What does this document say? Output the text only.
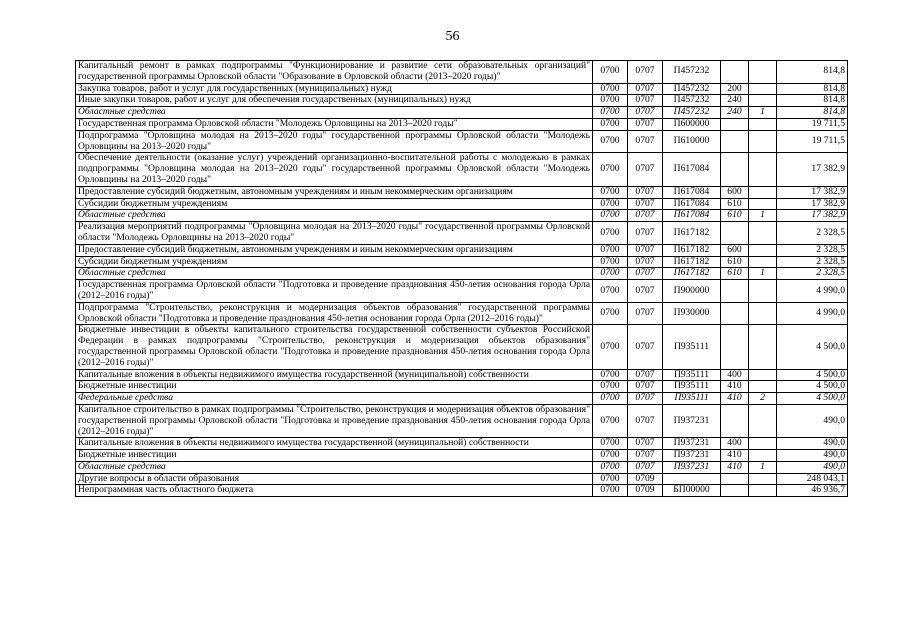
56
Капитальный ремонт в рамках подпрограммы "Функционирование и развитие сети образовательных организаций" государственной программы Орловской области "Образование в Орловской области (2013–2020 годы)"	0700	0707	П457232			814,8
Закупка товаров, работ и услуг для государственных (муниципальных) нужд	0700	0707	П457232	200		814,8
Иные закупки товаров, работ и услуг для обеспечения государственных (муниципальных) нужд	0700	0707	П457232	240		814,8
Областные средства	0700	0707	П457232	240	1	814,8
Государственная программа Орловской области "Молодежь Орловщины на 2013–2020 годы"	0700	0707	П600000			19 711,5
Подпрограмма "Орловщина молодая на 2013–2020 годы" государственной программы Орловской области "Молодежь Орловщины на 2013–2020 годы"	0700	0707	П610000			19 711,5
Обеспечение деятельности (оказание услуг) учреждений организационно-воспитательной работы с молодежью в рамках подпрограммы "Орловщина молодая на 2013–2020 годы" государственной программы Орловской области "Молодежь Орловщины на 2013–2020 годы"	0700	0707	П617084			17 382,9
Предоставление субсидий бюджетным, автономным учреждениям и иным некоммерческим организациям	0700	0707	П617084	600		17 382,9
Субсидии бюджетным учреждениям	0700	0707	П617084	610		17 382,9
Областные средства	0700	0707	П617084	610	1	17 382,9
Реализация мероприятий подпрограммы "Орловщина молодая на 2013–2020 годы" государственной программы Орловской области "Молодежь Орловщины на 2013–2020 годы"	0700	0707	П617182			2 328,5
Предоставление субсидий бюджетным, автономным учреждениям и иным некоммерческим организациям	0700	0707	П617182	600		2 328,5
Субсидии бюджетным учреждениям	0700	0707	П617182	610		2 328,5
Областные средства	0700	0707	П617182	610	1	2 328,5
Государственная программа Орловской области "Подготовка и проведение празднования 450-летия основания города Орла (2012–2016 годы)"	0700	0707	П900000			4 990,0
Подпрограмма "Строительство, реконструкция и модернизация объектов образования" государственной программы Орловской области "Подготовка и проведение празднования 450-летия основания города Орла (2012–2016 годы)"	0700	0707	П930000			4 990,0
Бюджетные инвестиции в объекты капитального строительства государственной собственности субъектов Российской Федерации в рамках подпрограммы "Строительство, реконструкция и модернизация объектов образования" государственной программы Орловской области "Подготовка и проведение празднования 450-летия основания города Орла (2012–2016 годы)"	0700	0707	П935111			4 500,0
Капитальные вложения в объекты недвижимого имущества государственной (муниципальной) собственности	0700	0707	П935111	400		4 500,0
Бюджетные инвестиции	0700	0707	П935111	410		4 500,0
Федеральные средства	0700	0707	П935111	410	2	4 500,0
Капитальное строительство в рамках подпрограммы "Строительство, реконструкция и модернизация объектов образования" государственной программы Орловской области "Подготовка и проведение празднования 450-летия основания города Орла (2012–2016 годы)"	0700	0707	П937231			490,0
Капитальные вложения в объекты недвижимого имущества государственной (муниципальной) собственности	0700	0707	П937231	400		490,0
Бюджетные инвестиции	0700	0707	П937231	410		490,0
Областные средства	0700	0707	П937231	410	1	490,0
Другие вопросы в области образования	0700	0709				248 043,1
Непрограммная часть областного бюджета	0700	0709	БП00000			46 936,7
